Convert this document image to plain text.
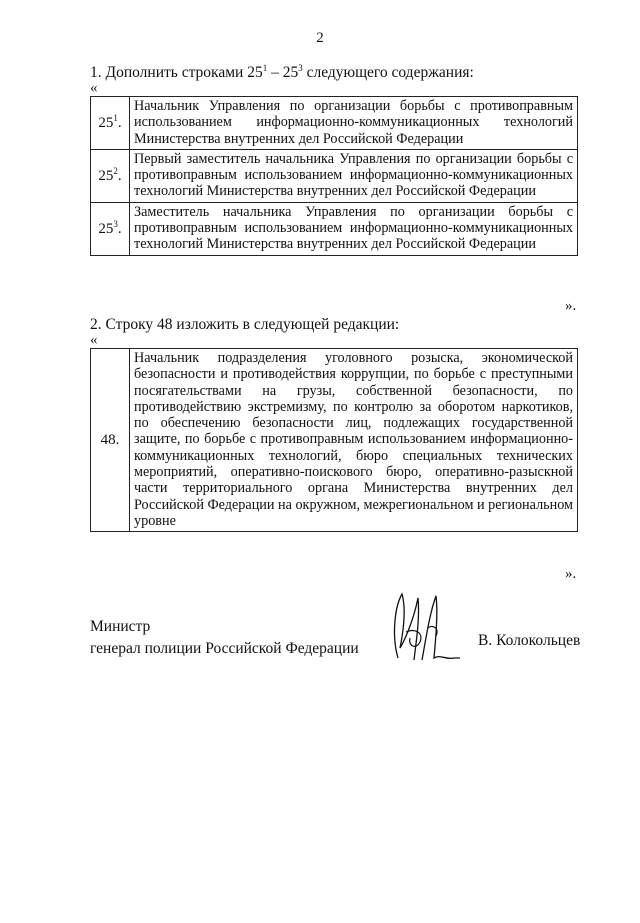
2
1. Дополнить строками $25^1 - 25^3$ следующего содержания:
«
$25^1$.	Начальник Управления по организации борьбы с противоправным использованием информационно-коммуникационных технологий Министерства внутренних дел Российской Федерации
$25^2$.	Первый заместитель начальника Управления по организации борьбы с противоправным использованием информационно-коммуникационных технологий Министерства внутренних дел Российской Федерации
$25^3$.	Заместитель начальника Управления по организации борьбы с противоправным использованием информационно-коммуникационных технологий Министерства внутренних дел Российской Федерации
».
2. Строку 48 изложить в следующей редакции:
«
48.	Начальник подразделения уголовного розыска, экономической безопасности и противодействия коррупции, по борьбе с преступными посягательствами на грузы, собственной безопасности, по противодействию экстремизму, по контролю за оборотом наркотиков, по обеспечению безопасности лиц, подлежащих государственной защите, по борьбе с противоправным использованием информационно-коммуникационных технологий, бюро специальных технических мероприятий, оперативно-поискового бюро, оперативно-разыскной части территориального органа Министерства внутренних дел Российской Федерации на окружном, межрегиональном и региональном уровне
».
Министр
генерал полиции Российской Федерации	В. Колокольцев
